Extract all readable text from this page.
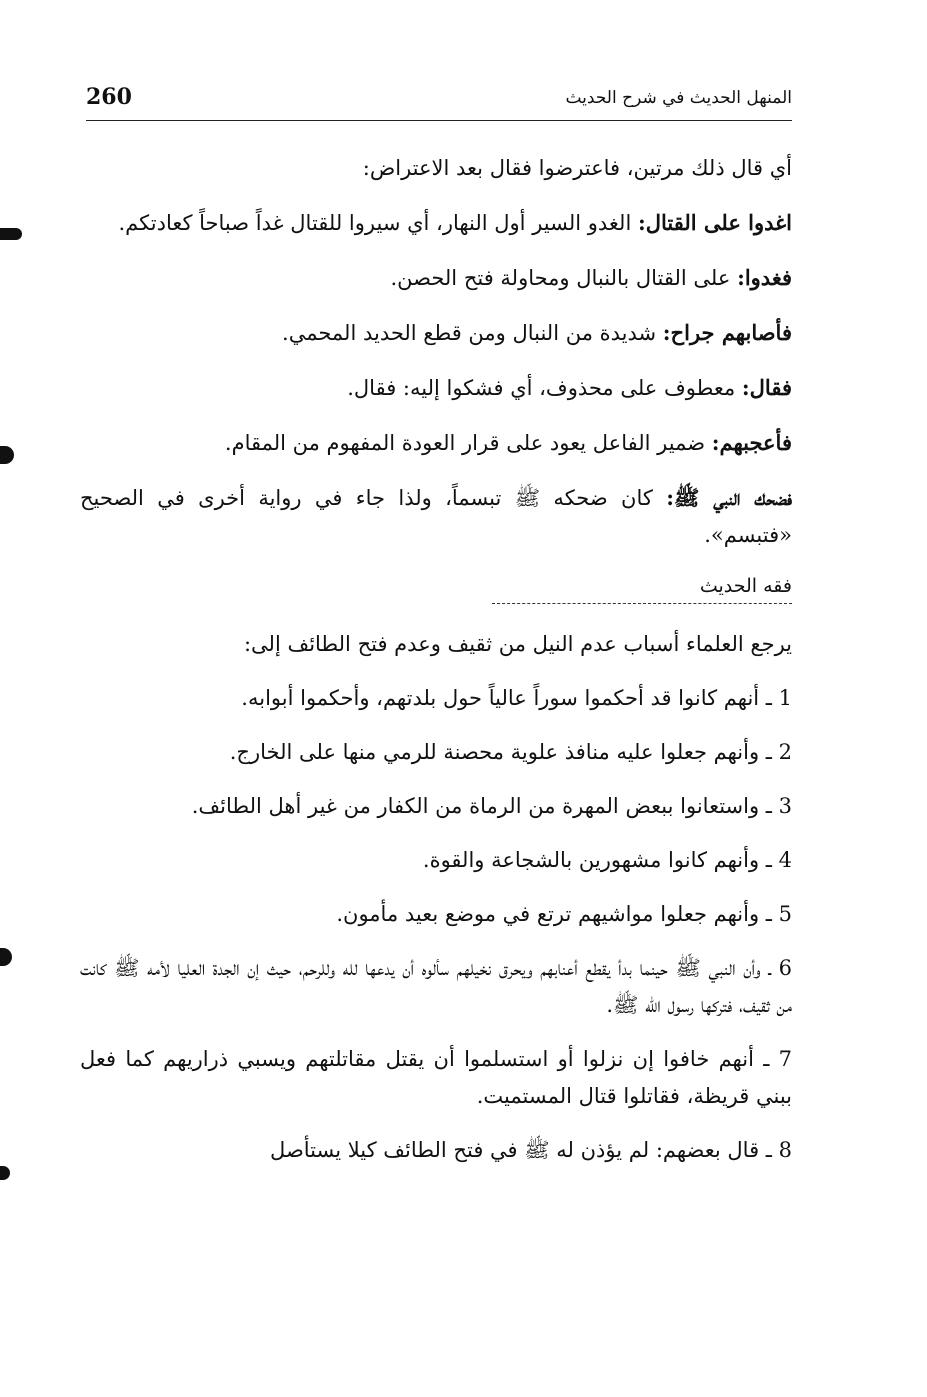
260	المنهل الحديث في شرح الحديث

أي قال ذلك مرتين، فاعترضوا فقال بعد الاعتراض:

اغدوا على القتال: الغدو السير أول النهار، أي سيروا للقتال غداً صباحاً كعادتكم.

فغدوا: على القتال بالنبال ومحاولة فتح الحصن.

فأصابهم جراح: شديدة من النبال ومن قطع الحديد المحمي.

فقال: معطوف على محذوف، أي فشكوا إليه: فقال.

فأعجبهم: ضمير الفاعل يعود على قرار العودة المفهوم من المقام.

فضحك النبي ﷺ: كان ضحكه ﷺ تبسماً، ولذا جاء في رواية أخرى في الصحيح «فتبسم».

فقه الحديث

يرجع العلماء أسباب عدم النيل من ثقيف وعدم فتح الطائف إلى:

1 ـ أنهم كانوا قد أحكموا سوراً عالياً حول بلدتهم، وأحكموا أبوابه.

2 ـ وأنهم جعلوا عليه منافذ علوية محصنة للرمي منها على الخارج.

3 ـ واستعانوا ببعض المهرة من الرماة من الكفار من غير أهل الطائف.

4 ـ وأنهم كانوا مشهورين بالشجاعة والقوة.

5 ـ وأنهم جعلوا مواشيهم ترتع في موضع بعيد مأمون.

6 ـ وأن النبي ﷺ حينما بدأ يقطع أعنابهم ويحرق نخيلهم سألوه أن يدعها لله وللرحم، حيث إن الجدة العليا لأمه ﷺ كانت من ثقيف، فتركها رسول الله ﷺ.

7 ـ أنهم خافوا إن نزلوا أو استسلموا أن يقتل مقاتلتهم ويسبي ذراريهم كما فعل ببني قريظة، فقاتلوا قتال المستميت.

8 ـ قال بعضهم: لم يؤذن له ﷺ في فتح الطائف كيلا يستأصل
